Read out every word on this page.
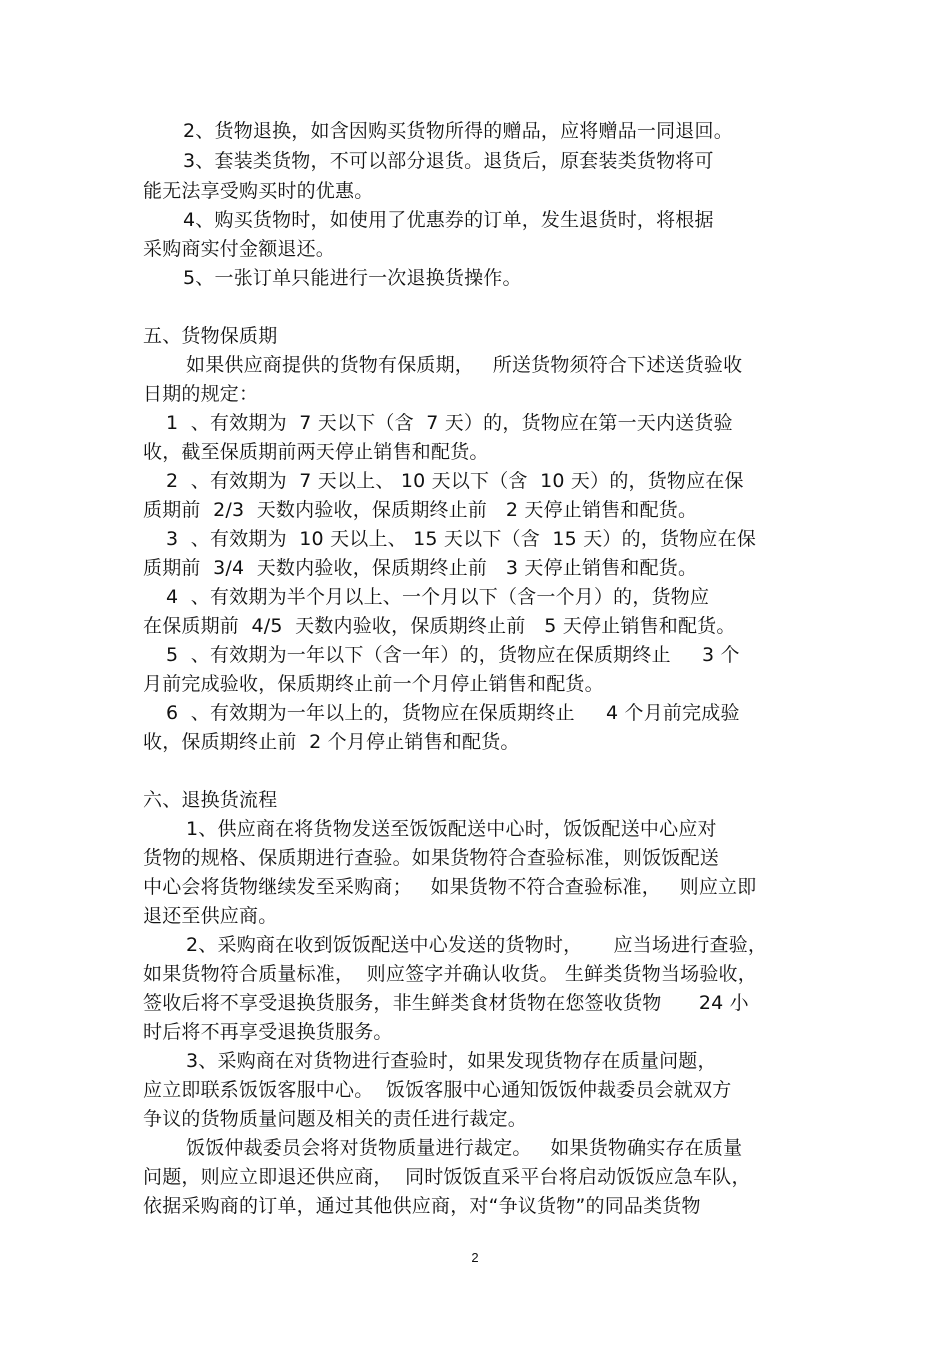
2、货物退换，如含因购买货物所得的赠品，应将赠品一同退回。
3、套装类货物，不可以部分退货。退货后，原套装类货物将可
能无法享受购买时的优惠。
4、购买货物时，如使用了优惠券的订单，发生退货时，将根据
采购商实付金额退还。
5、一张订单只能进行一次退换货操作。
五、货物保质期
如果供应商提供的货物有保质期，   所送货物须符合下述送货验收
日期的规定：
1  、有效期为  7 天以下（含  7 天）的，货物应在第一天内送货验
收，截至保质期前两天停止销售和配货。
2  、有效期为  7 天以上、 10 天以下（含  10 天）的，货物应在保
质期前  2/3  天数内验收，保质期终止前   2 天停止销售和配货。
3  、有效期为  10 天以上、 15 天以下（含  15 天）的，货物应在保
质期前  3/4  天数内验收，保质期终止前   3 天停止销售和配货。
4  、有效期为半个月以上、一个月以下（含一个月）的，货物应
在保质期前  4/5  天数内验收，保质期终止前   5 天停止销售和配货。
5  、有效期为一年以下（含一年）的，货物应在保质期终止     3 个
月前完成验收，保质期终止前一个月停止销售和配货。
6  、有效期为一年以上的，货物应在保质期终止     4 个月前完成验
收，保质期终止前  2 个月停止销售和配货。
六、退换货流程
1、供应商在将货物发送至饭饭配送中心时，饭饭配送中心应对
货物的规格、保质期进行查验。如果货物符合查验标准，则饭饭配送
中心会将货物继续发至采购商；   如果货物不符合查验标准，   则应立即
退还至供应商。
2、采购商在收到饭饭配送中心发送的货物时，     应当场进行查验，
如果货物符合质量标准，  则应签字并确认收货。 生鲜类货物当场验收，
签收后将不享受退换货服务，非生鲜类食材货物在您签收货物      24 小
时后将不再享受退换货服务。
3、采购商在对货物进行查验时，如果发现货物存在质量问题，
应立即联系饭饭客服中心。  饭饭客服中心通知饭饭仲裁委员会就双方
争议的货物质量问题及相关的责任进行裁定。
饭饭仲裁委员会将对货物质量进行裁定。   如果货物确实存在质量
问题，则应立即退还供应商，  同时饭饭直采平台将启动饭饭应急车队，
依据采购商的订单，通过其他供应商，对“争议货物”的同品类货物
2
